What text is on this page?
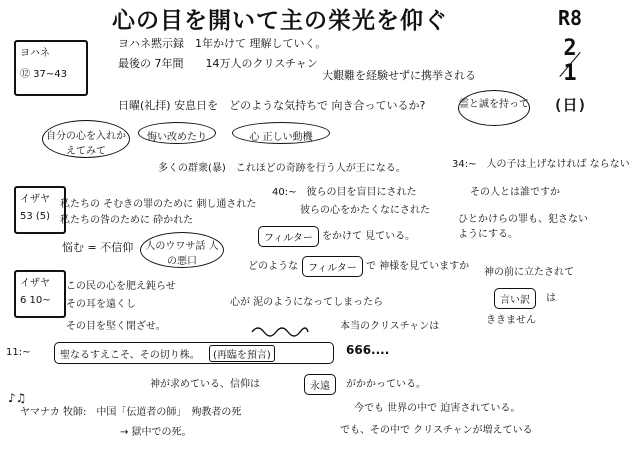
心の目を開いて主の栄光を仰ぐ	R8
2
1
(日)
ヨハネ
⑫ 37~43
ヨハネ黙示録　1年かけて 理解していく。
最後の 7年間　　14万人のクリスチャン
大艱難を経験せずに携挙される
日曜(礼拝) 安息日を　どのような気持ちで 向き合っているか?	霊と誠を持って
自分の心を入れかえてみて
悔い改めたり	心 正しい動機
多くの群衆(暴)　これほどの奇跡を行う人が王になる。	34:~　人の子は上げなければ ならない
その人とは誰ですか
ひとかけらの罪も、犯さないようにする。
イザヤ
53 (5)
私たちの そむきの罪のために 刺し通された
私たちの咎のために 砕かれた
悩む = 不信仰	人のウワサ話 人の悪口
40:~　彼らの目を盲目にされた
彼らの心をかたくなにされた
フィルター をかけて 見ている。
どのような	フィルター で 神様を見ていますか
イザヤ
6 10~
この民の心を肥え鈍らせ
その耳を遠くし
その目を堅く閉ざせ。
心が 泥のようになってしまったら
神の前に立たされて
言い訳	は
ききません
本当のクリスチャンは
666....
11:~	聖なるすえこそ、その切り株。 (再臨を預言)
神が求めている、信仰は	永遠	がかかっている。
♪♫
ヤマナカ 牧師:　中国「伝道者の師」　殉教者の死
→ 獄中での死。
今でも 世界の中で 迫害されている。
でも、その中で クリスチャンが増えている
